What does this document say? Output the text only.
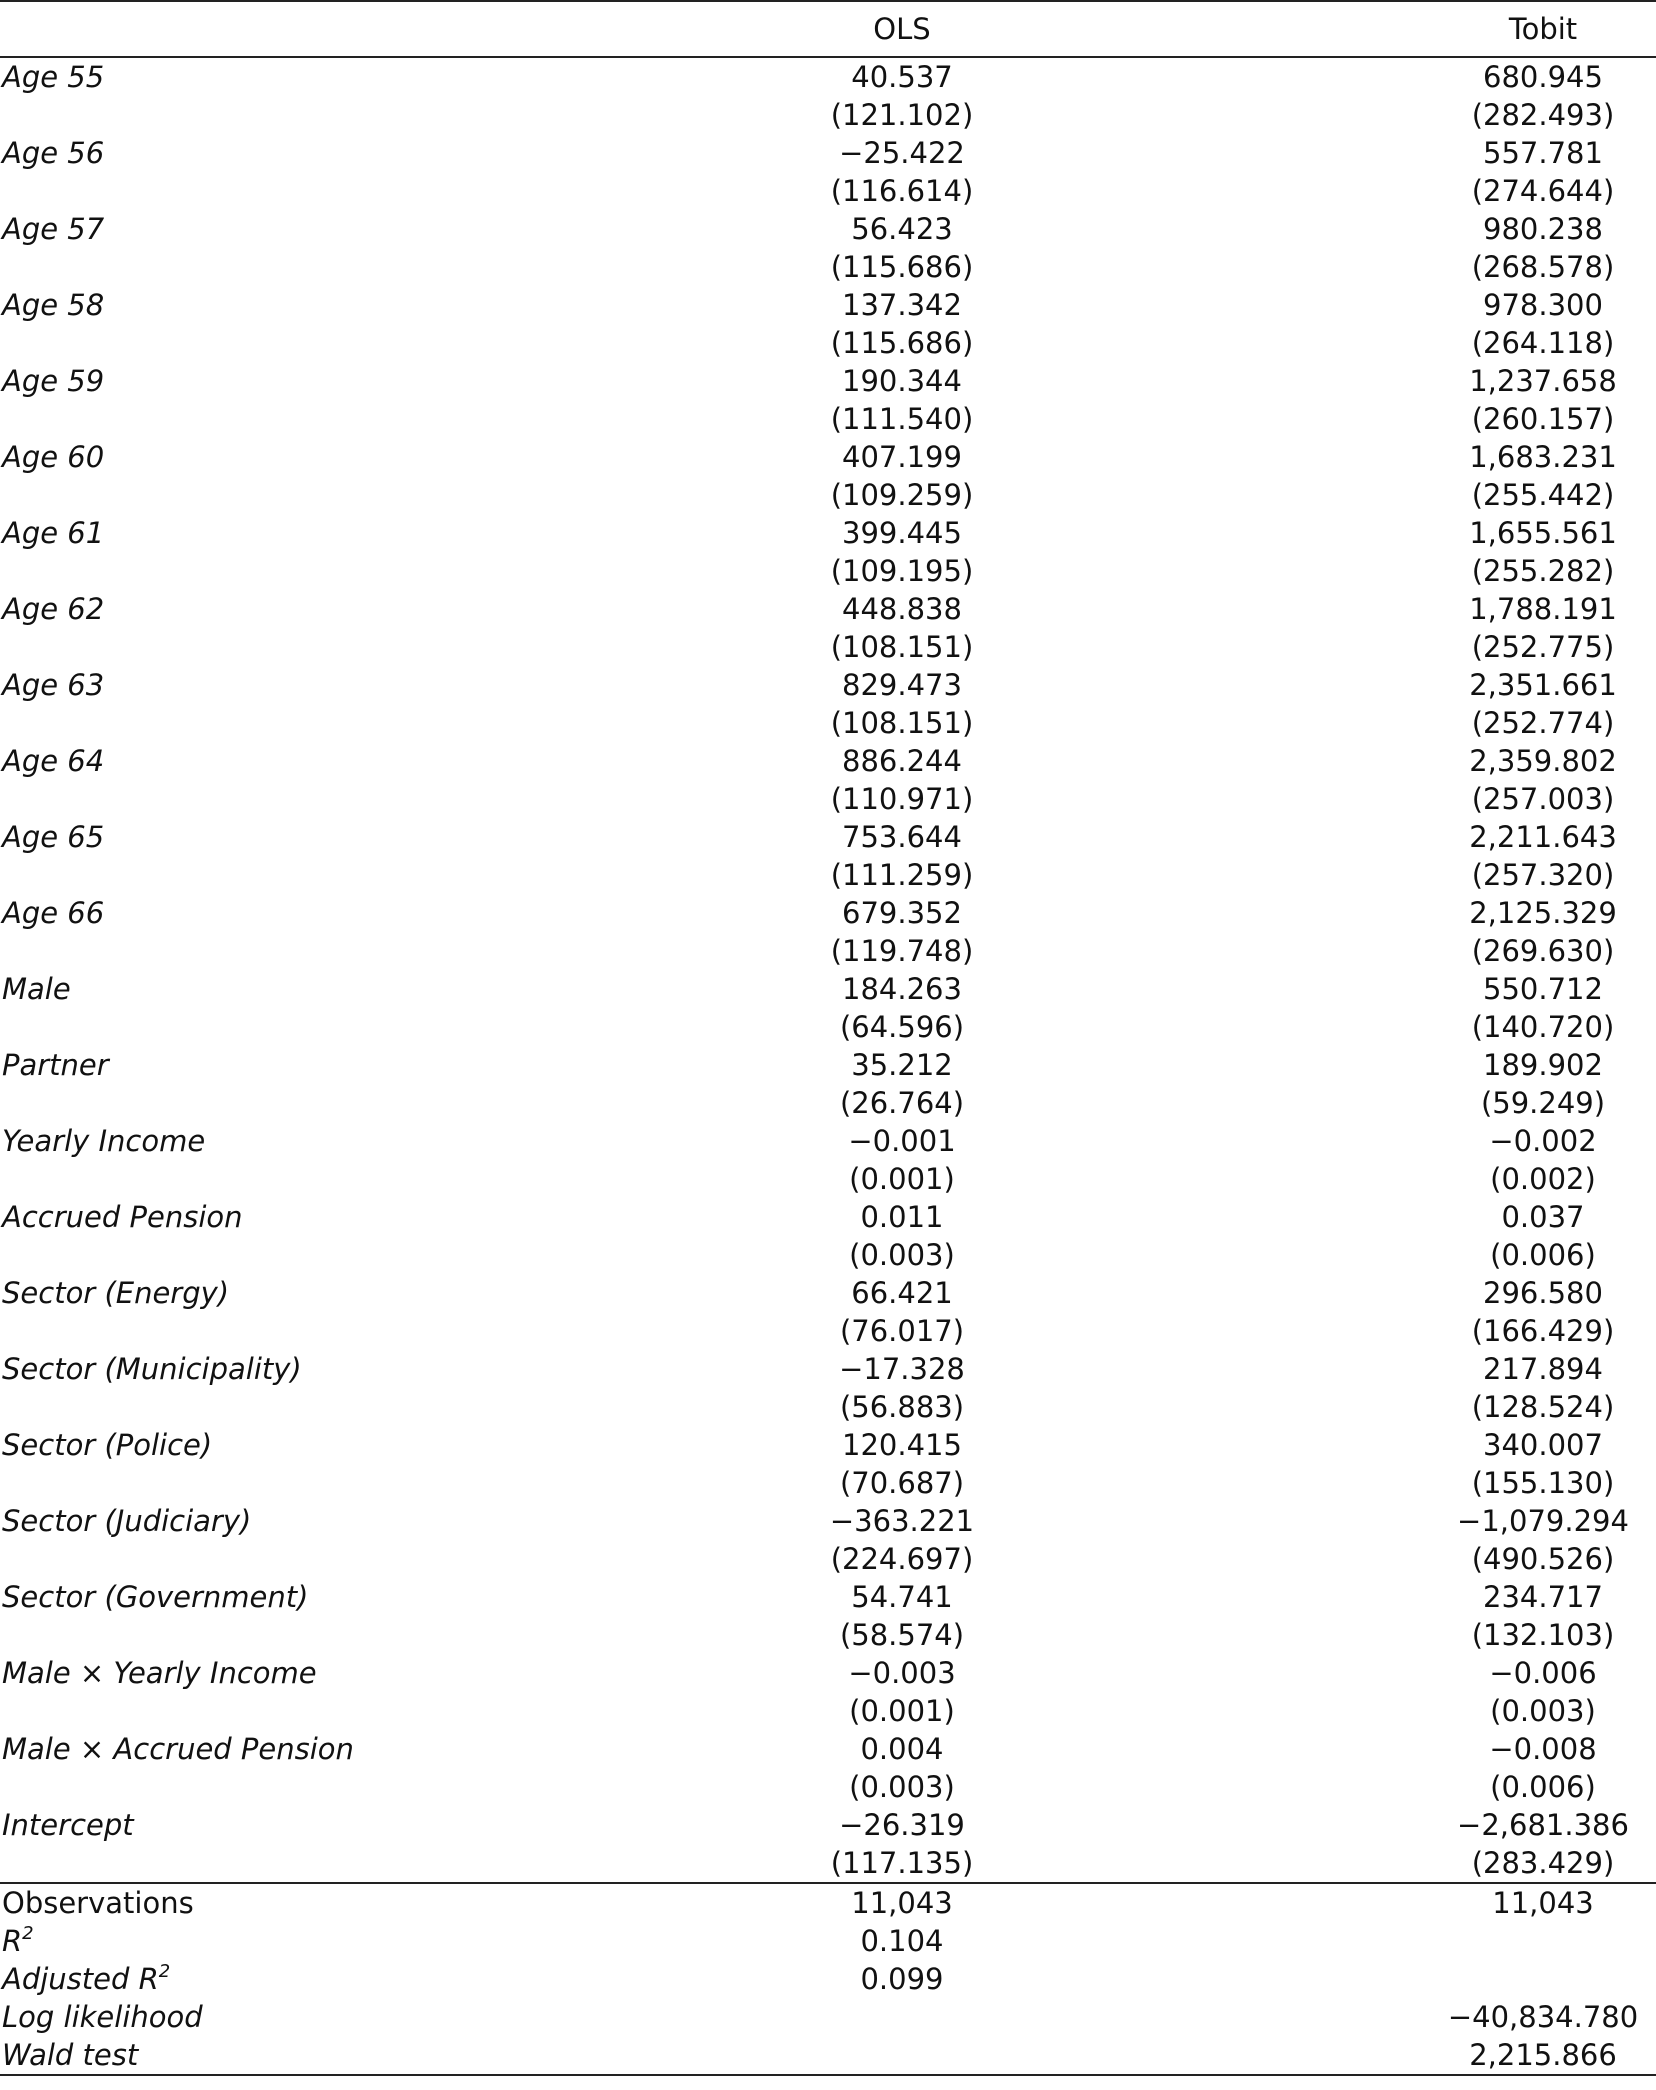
	OLS		Tobit
Age 55	40.537		680.945
	(121.102)		(282.493)
Age 56	−25.422		557.781
	(116.614)		(274.644)
Age 57	56.423		980.238
	(115.686)		(268.578)
Age 58	137.342		978.300
	(115.686)		(264.118)
Age 59	190.344		1,237.658
	(111.540)		(260.157)
Age 60	407.199		1,683.231
	(109.259)		(255.442)
Age 61	399.445		1,655.561
	(109.195)		(255.282)
Age 62	448.838		1,788.191
	(108.151)		(252.775)
Age 63	829.473		2,351.661
	(108.151)		(252.774)
Age 64	886.244		2,359.802
	(110.971)		(257.003)
Age 65	753.644		2,211.643
	(111.259)		(257.320)
Age 66	679.352		2,125.329
	(119.748)		(269.630)
Male	184.263		550.712
	(64.596)		(140.720)
Partner	35.212		189.902
	(26.764)		(59.249)
Yearly Income	−0.001		−0.002
	(0.001)		(0.002)
Accrued Pension	0.011		0.037
	(0.003)		(0.006)
Sector (Energy)	66.421		296.580
	(76.017)		(166.429)
Sector (Municipality)	−17.328		217.894
	(56.883)		(128.524)
Sector (Police)	120.415		340.007
	(70.687)		(155.130)
Sector (Judiciary)	−363.221		−1,079.294
	(224.697)		(490.526)
Sector (Government)	54.741		234.717
	(58.574)		(132.103)
Male × Yearly Income	−0.003		−0.006
	(0.001)		(0.003)
Male × Accrued Pension	0.004		−0.008
	(0.003)		(0.006)
Intercept	−26.319		−2,681.386
	(117.135)		(283.429)
Observations	11,043		11,043
$R^2$	0.104		
Adjusted $R^2$	0.099		
Log likelihood			−40,834.780
Wald test			2,215.866
